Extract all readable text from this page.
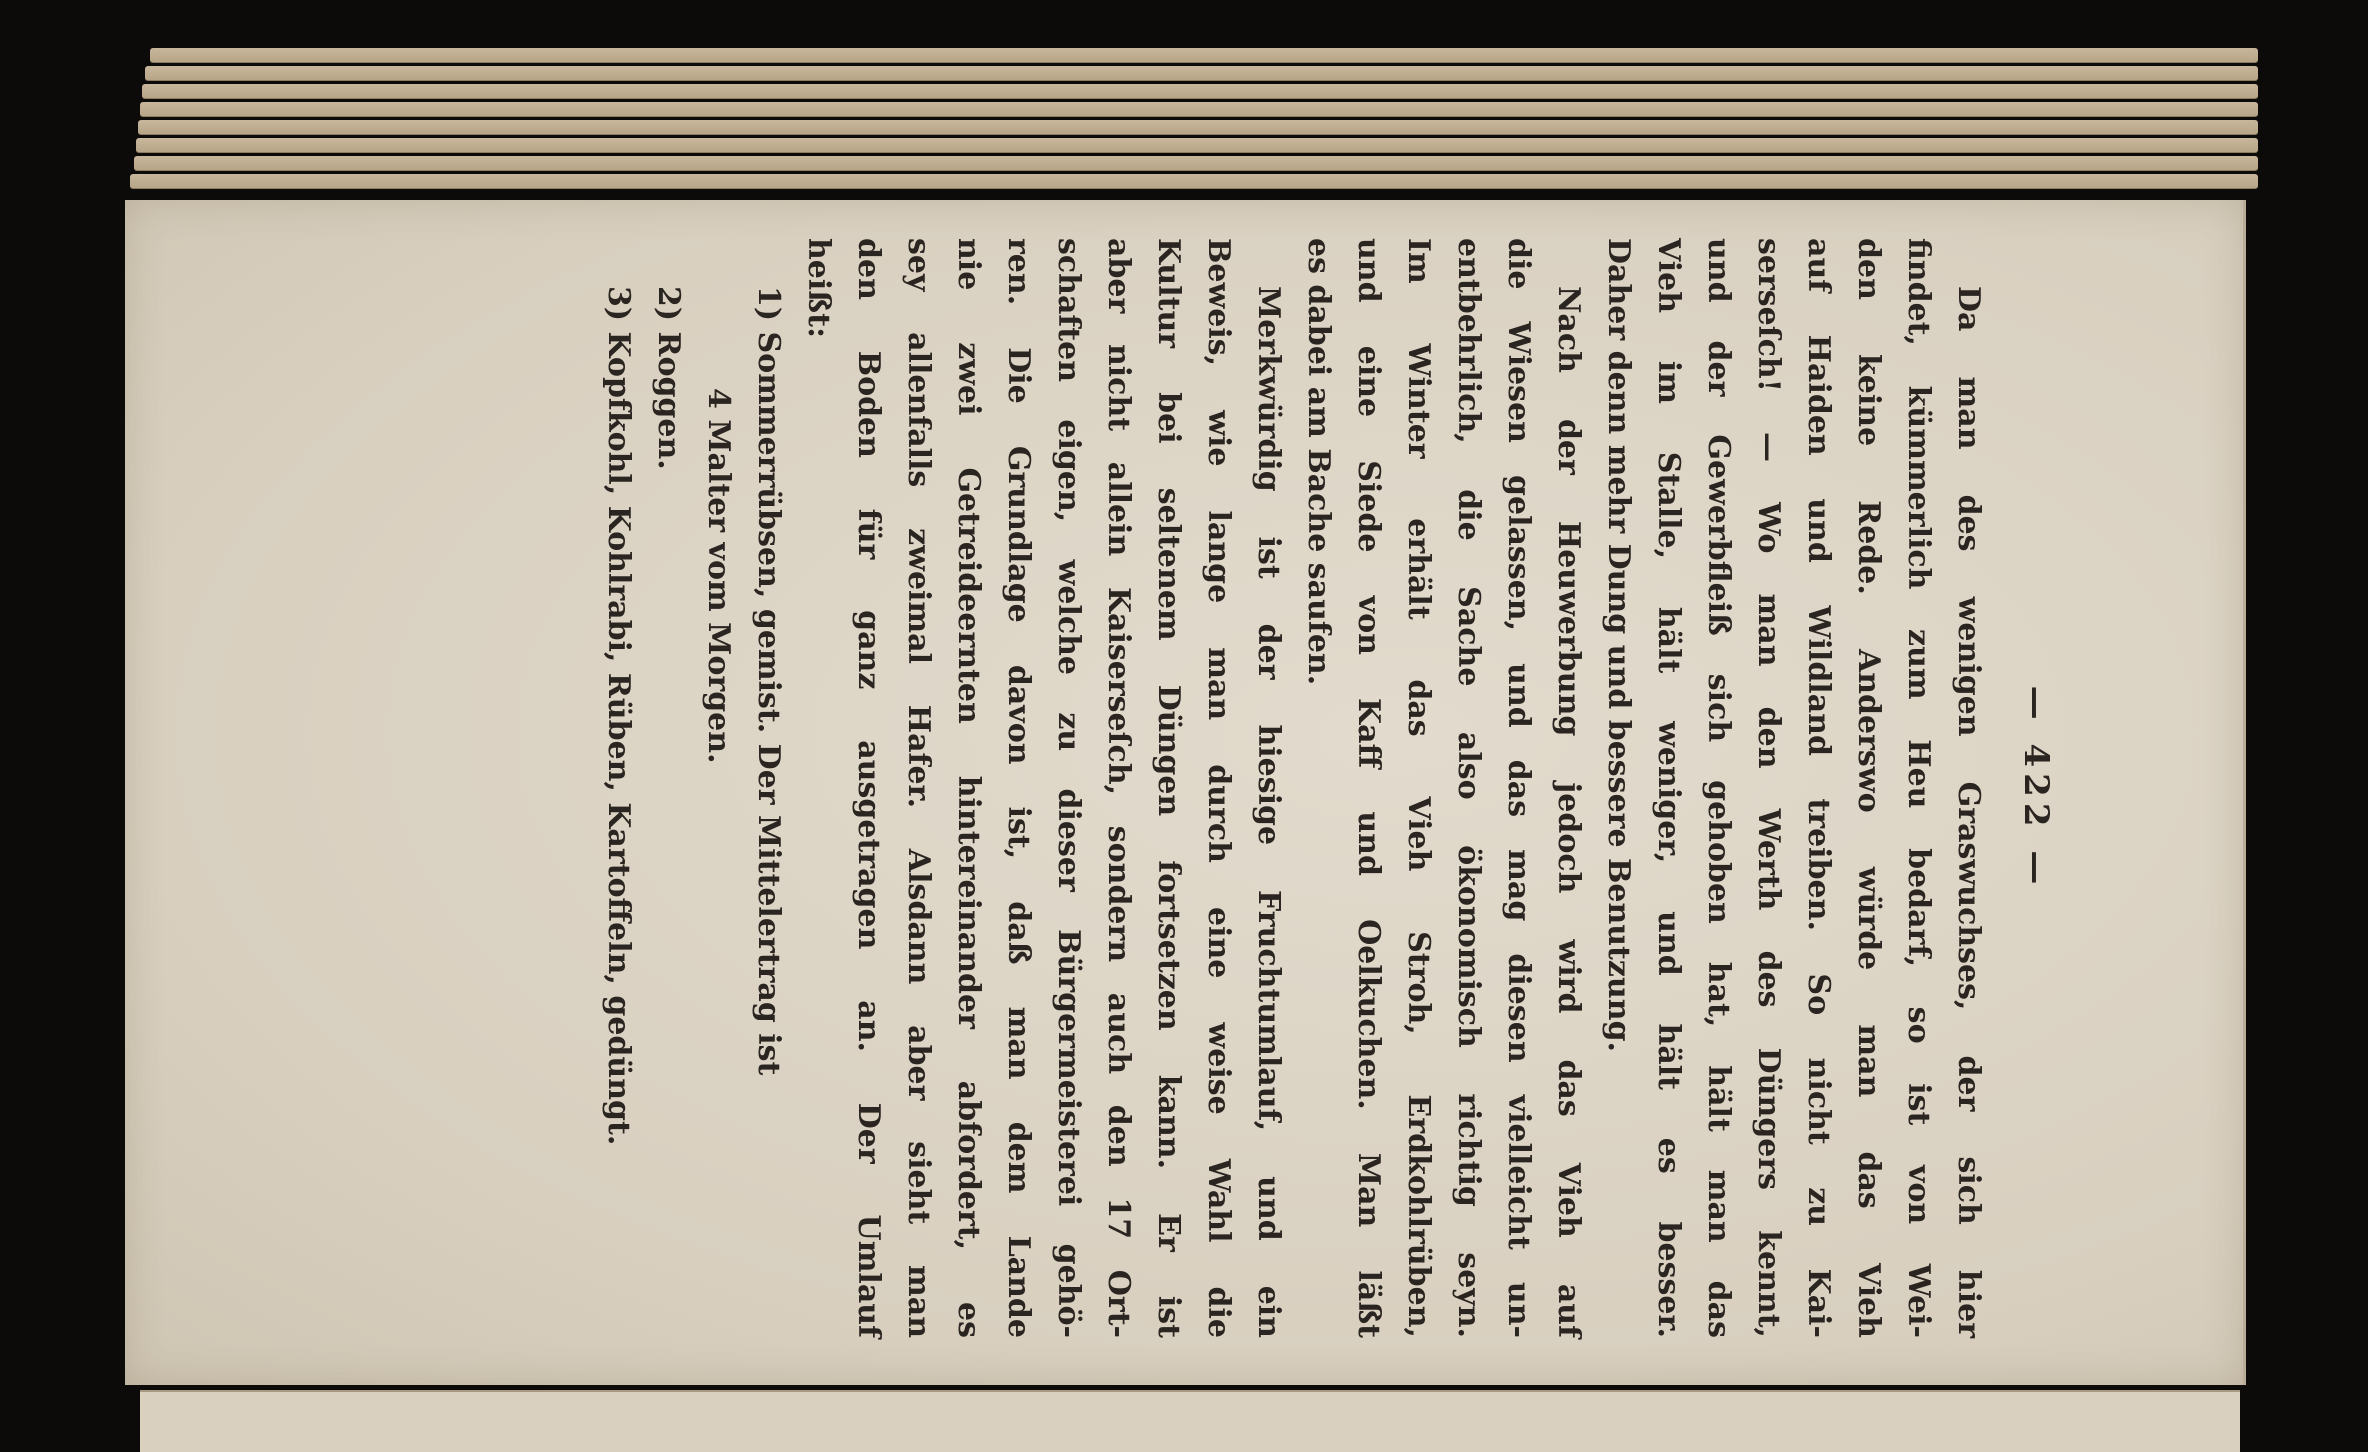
— 422 —
Da man des wenigen Graswuchses, der sich hier
findet, kümmerlich zum Heu bedarf, so ist von Wei-
den keine Rede. Anderswo würde man das Vieh
auf Haiden und Wildland treiben. So nicht zu Kai-
serseſch! — Wo man den Werth des Düngers kennt,
und der Gewerbfleiß sich gehoben hat, hält man das
Vieh im Stalle, hält weniger, und hält es besser.
Daher denn mehr Dung und bessere Benutzung.
Nach der Heuwerbung jedoch wird das Vieh auf
die Wiesen gelassen, und das mag diesen vielleicht un-
entbehrlich, die Sache also ökonomisch richtig seyn.
Im Winter erhält das Vieh Stroh, Erdkohlrüben,
und eine Siede von Kaff und Oelkuchen. Man läßt
es dabei am Bache saufen.
Merkwürdig ist der hiesige Fruchtumlauf, und ein
Beweis, wie lange man durch eine weise Wahl die
Kultur bei seltenem Düngen fortsetzen kann. Er ist
aber nicht allein Kaiserseſch, sondern auch den 17 Ort-
schaften eigen, welche zu dieser Bürgermeisterei gehö-
ren. Die Grundlage davon ist, daß man dem Lande
nie zwei Getreideernten hintereinander abfordert, es
sey allenfalls zweimal Hafer. Alsdann aber sieht man
den Boden für ganz ausgetragen an. Der Umlauf
heißt:
1) Sommerrübsen, gemist. Der Mittelertrag ist
4 Malter vom Morgen.
2) Roggen.
3) Kopfkohl, Kohlrabi, Rüben, Kartoffeln, gedüngt.
